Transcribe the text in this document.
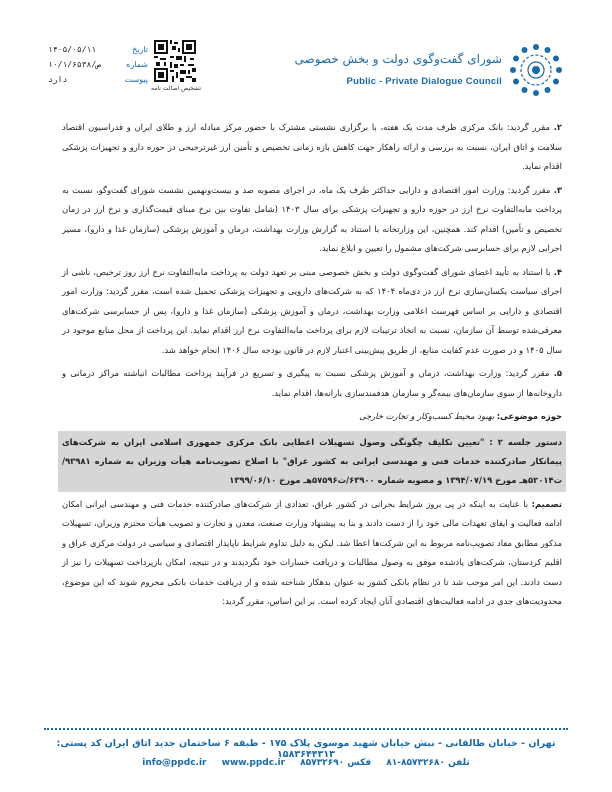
تاریخ
۱۴۰۵/۰۵/۱۱
شماره
۱۰/۱/۶۵۳۸/ص
پیوست
دارد
تشخیص اصالت نامه
شورای گفت‌وگوی دولت و بخش خصوصی
Public - Private Dialogue Council

۲. مقرر گردید: بانک مرکزی ظرف مدت یک هفته، با برگزاری نشستی مشترک با حضور مرکز مبادله ارز و طلای ایران و فدراسیون اقتصاد سلامت و اتاق ایران، نسبت به بررسی و ارائه راهکار جهت کاهش بازه زمانی تخصیص و تأمین ارز غیرترجیحی در حوزه دارو و تجهیزات پزشکی اقدام نماید.

۳. مقرر گردید: وزارت امور اقتصادی و دارایی حداکثر ظرف یک ماه، در اجرای مصوبه صد و بیست‌ونهمین نشست شورای گفت‌وگو، نسبت به پرداخت مابه‌التفاوت نرخ ارز در حوزه دارو و تجهیزات پزشکی برای سال ۱۴۰۳ (شامل تفاوت بین نرخ مبنای قیمت‌گذاری و نرخ ارز در زمان تخصیص و تأمین) اقدام کند. همچنین، این وزارتخانه با استناد به گزارش وزارت بهداشت، درمان و آموزش پزشکی (سازمان غذا و دارو)، مسیر اجرایی لازم برای حسابرسی شرکت‌های مشمول را تعیین و ابلاغ نماید.

۴. با استناد به تأیید اعضای شورای گفت‌وگوی دولت و بخش خصوصی مبنی بر تعهد دولت به پرداخت مابه‌التفاوت نرخ ارز روز ترخیص، ناشی از اجرای سیاست یکسان‌سازی نرخ ارز در دی‌ماه ۱۴۰۴ که به شرکت‌های دارویی و تجهیزات پزشکی تحمیل شده است، مقرر گردید: وزارت امور اقتصادی و دارایی بر اساس فهرست اعلامی وزارت بهداشت، درمان و آموزش پزشکی (سازمان غذا و دارو)، پس از حسابرسی شرکت‌های معرفی‌شده توسط آن سازمان، نسبت به اتخاذ ترتیبات لازم برای پرداخت مابه‌التفاوت نرخ ارز اقدام نماید. این پرداخت از محل منابع موجود در سال ۱۴۰۵ و در صورت عدم کفایت منابع، از طریق پیش‌بینی اعتبار لازم در قانون بودجه سال ۱۴۰۶ انجام خواهد شد.

۵. مقرر گردید: وزارت بهداشت، درمان و آموزش پزشکی نسبت به پیگیری و تسریع در فرآیند پرداخت مطالبات انباشته مراکز درمانی و داروخانه‌ها از سوی سازمان‌های بیمه‌گر و سازمان هدفمندسازی یارانه‌ها، اقدام نماید.

حوزه موضوعی: بهبود محیط کسب‌وکار و تجارت خارجی

دستور جلسه ۲ : "تعیین تکلیف چگونگی وصول تسهیلات اعطایی بانک مرکزی جمهوری اسلامی ایران به شرکت‌های پیمانکار صادرکننده خدمات فنی و مهندسی ایرانی به کشور عراق" با اصلاح تصویب‌نامه هیأت وزیران به شماره ۹۳۹۸۱/ت۵۲۰۱۴هـ مورخ ۱۳۹۴/۰۷/۱۹ و مصوبه شماره ۶۳۹۰۰/ت۵۷۵۹۶هـ مورخ ۱۳۹۹/۰۶/۱۰

تصمیم: با عنایت به اینکه در پی بروز شرایط بحرانی در کشور عراق، تعدادی از شرکت‌های صادرکننده خدمات فنی و مهندسی ایرانی امکان ادامه فعالیت و ایفای تعهدات مالی خود را از دست دادند و بنا به پیشنهاد وزارت صنعت، معدن و تجارت و تصویب هیأت محترم وزیران، تسهیلات مذکور مطابق مفاد تصویب‌نامه مربوط به این شرکت‌ها اعطا شد. لیکن به دلیل تداوم شرایط ناپایدار اقتصادی و سیاسی در دولت مرکزی عراق و اقلیم کردستان، شرکت‌های یادشده موفق به وصول مطالبات و دریافت خسارات خود نگردیدند و در نتیجه، امکان بازپرداخت تسهیلات را نیز از دست دادند. این امر موجب شد تا در نظام بانکی کشور به عنوان بدهکار شناخته شده و از دریافت خدمات بانکی محروم شوند که این موضوع، محدودیت‌های جدی در ادامه فعالیت‌های اقتصادی آنان ایجاد کرده است. بر این اساس، مقرر گردید:

تهران - خیابان طالقانی - نبش خیابان شهید موسوی پلاک ۱۷۵ - طبقه ۶ ساختمان جدید اتاق ایران کد پستی: ۱۵۸۳۶۴۴۳۱۳
تلفن ۸۵۷۳۲۶۸۰-۸۱ فکس ۸۵۷۳۲۶۹۰ info@ppdc.ir www.ppdc.ir
